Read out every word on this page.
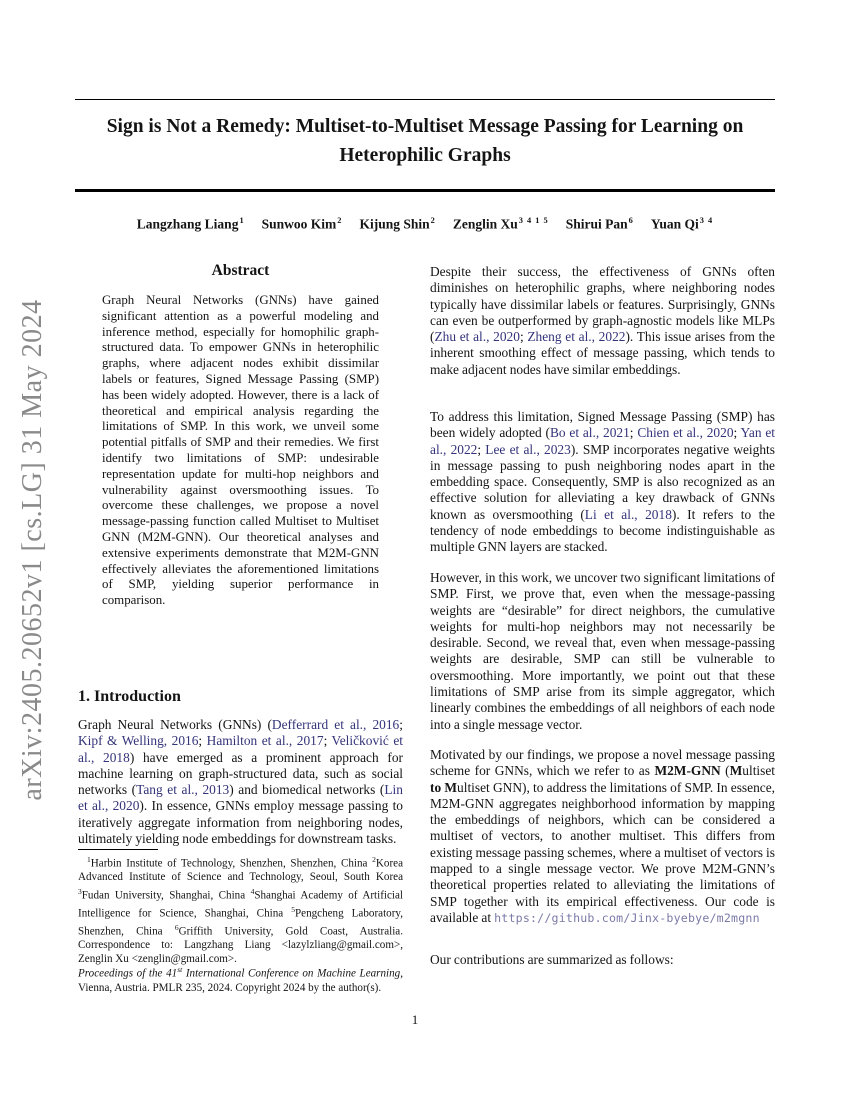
arXiv:2405.20652v1 [cs.LG] 31 May 2024
Sign is Not a Remedy: Multiset-to-Multiset Message Passing for Learning on
Heterophilic Graphs
Langzhang Liang$^1$ Sunwoo Kim$^2$ Kijung Shin$^2$ Zenglin $Xu^{3 4 1 5}$ Shirui Pan$^6$ Yuan $Qi^{3 4}$
Abstract

Graph Neural Networks (GNNs) have gained significant attention as a powerful modeling and inference method, especially for homophilic graph-structured data. To empower GNNs in heterophilic graphs, where adjacent nodes exhibit dissimilar labels or features, Signed Message Passing (SMP) has been widely adopted. However, there is a lack of theoretical and empirical analysis regarding the limitations of SMP. In this work, we unveil some potential pitfalls of SMP and their remedies. We first identify two limitations of SMP: undesirable representation update for multi-hop neighbors and vulnerability against oversmoothing issues. To overcome these challenges, we propose a novel message-passing function called Multiset to Multiset GNN (M2M-GNN). Our theoretical analyses and extensive experiments demonstrate that M2M-GNN effectively alleviates the aforementioned limitations of SMP, yielding superior performance in comparison.

1. Introduction

Graph Neural Networks (GNNs) (Defferrard et al., 2016; Kipf & Welling, 2016; Hamilton et al., 2017; Veličković et al., 2018) have emerged as a prominent approach for machine learning on graph-structured data, such as social networks (Tang et al., 2013) and biomedical networks (Lin et al., 2020). In essence, GNNs employ message passing to iteratively aggregate information from neighboring nodes, ultimately yielding node embeddings for downstream tasks.

$^1$Harbin Institute of Technology, Shenzhen, Shenzhen, China $^2$Korea Advanced Institute of Science and Technology, Seoul, South Korea $^3$Fudan University, Shanghai, China $^4$Shanghai Academy of Artificial Intelligence for Science, Shanghai, China $^5$Pengcheng Laboratory, Shenzhen, China $^6$Griffith University, Gold Coast, Australia. Correspondence to: Langzhang Liang <lazylzliang@gmail.com>, Zenglin Xu <zenglin@gmail.com>.

Proceedings of the 41st International Conference on Machine Learning, Vienna, Austria. PMLR 235, 2024. Copyright 2024 by the author(s).

Despite their success, the effectiveness of GNNs often diminishes on heterophilic graphs, where neighboring nodes typically have dissimilar labels or features. Surprisingly, GNNs can even be outperformed by graph-agnostic models like MLPs (Zhu et al., 2020; Zheng et al., 2022). This issue arises from the inherent smoothing effect of message passing, which tends to make adjacent nodes have similar embeddings.

To address this limitation, Signed Message Passing (SMP) has been widely adopted (Bo et al., 2021; Chien et al., 2020; Yan et al., 2022; Lee et al., 2023). SMP incorporates negative weights in message passing to push neighboring nodes apart in the embedding space. Consequently, SMP is also recognized as an effective solution for alleviating a key drawback of GNNs known as oversmoothing (Li et al., 2018). It refers to the tendency of node embeddings to become indistinguishable as multiple GNN layers are stacked.

However, in this work, we uncover two significant limitations of SMP. First, we prove that, even when the message-passing weights are “desirable” for direct neighbors, the cumulative weights for multi-hop neighbors may not necessarily be desirable. Second, we reveal that, even when message-passing weights are desirable, SMP can still be vulnerable to oversmoothing. More importantly, we point out that these limitations of SMP arise from its simple aggregator, which linearly combines the embeddings of all neighbors of each node into a single message vector.

Motivated by our findings, we propose a novel message passing scheme for GNNs, which we refer to as M2M-GNN (Multiset to Multiset GNN), to address the limitations of SMP. In essence, M2M-GNN aggregates neighborhood information by mapping the embeddings of neighbors, which can be considered a multiset of vectors, to another multiset. This differs from existing message passing schemes, where a multiset of vectors is mapped to a single message vector. We prove M2M-GNN’s theoretical properties related to alleviating the limitations of SMP together with its empirical effectiveness. Our code is available at https://github.com/Jinx-byebye/m2mgnn

Our contributions are summarized as follows:

1
